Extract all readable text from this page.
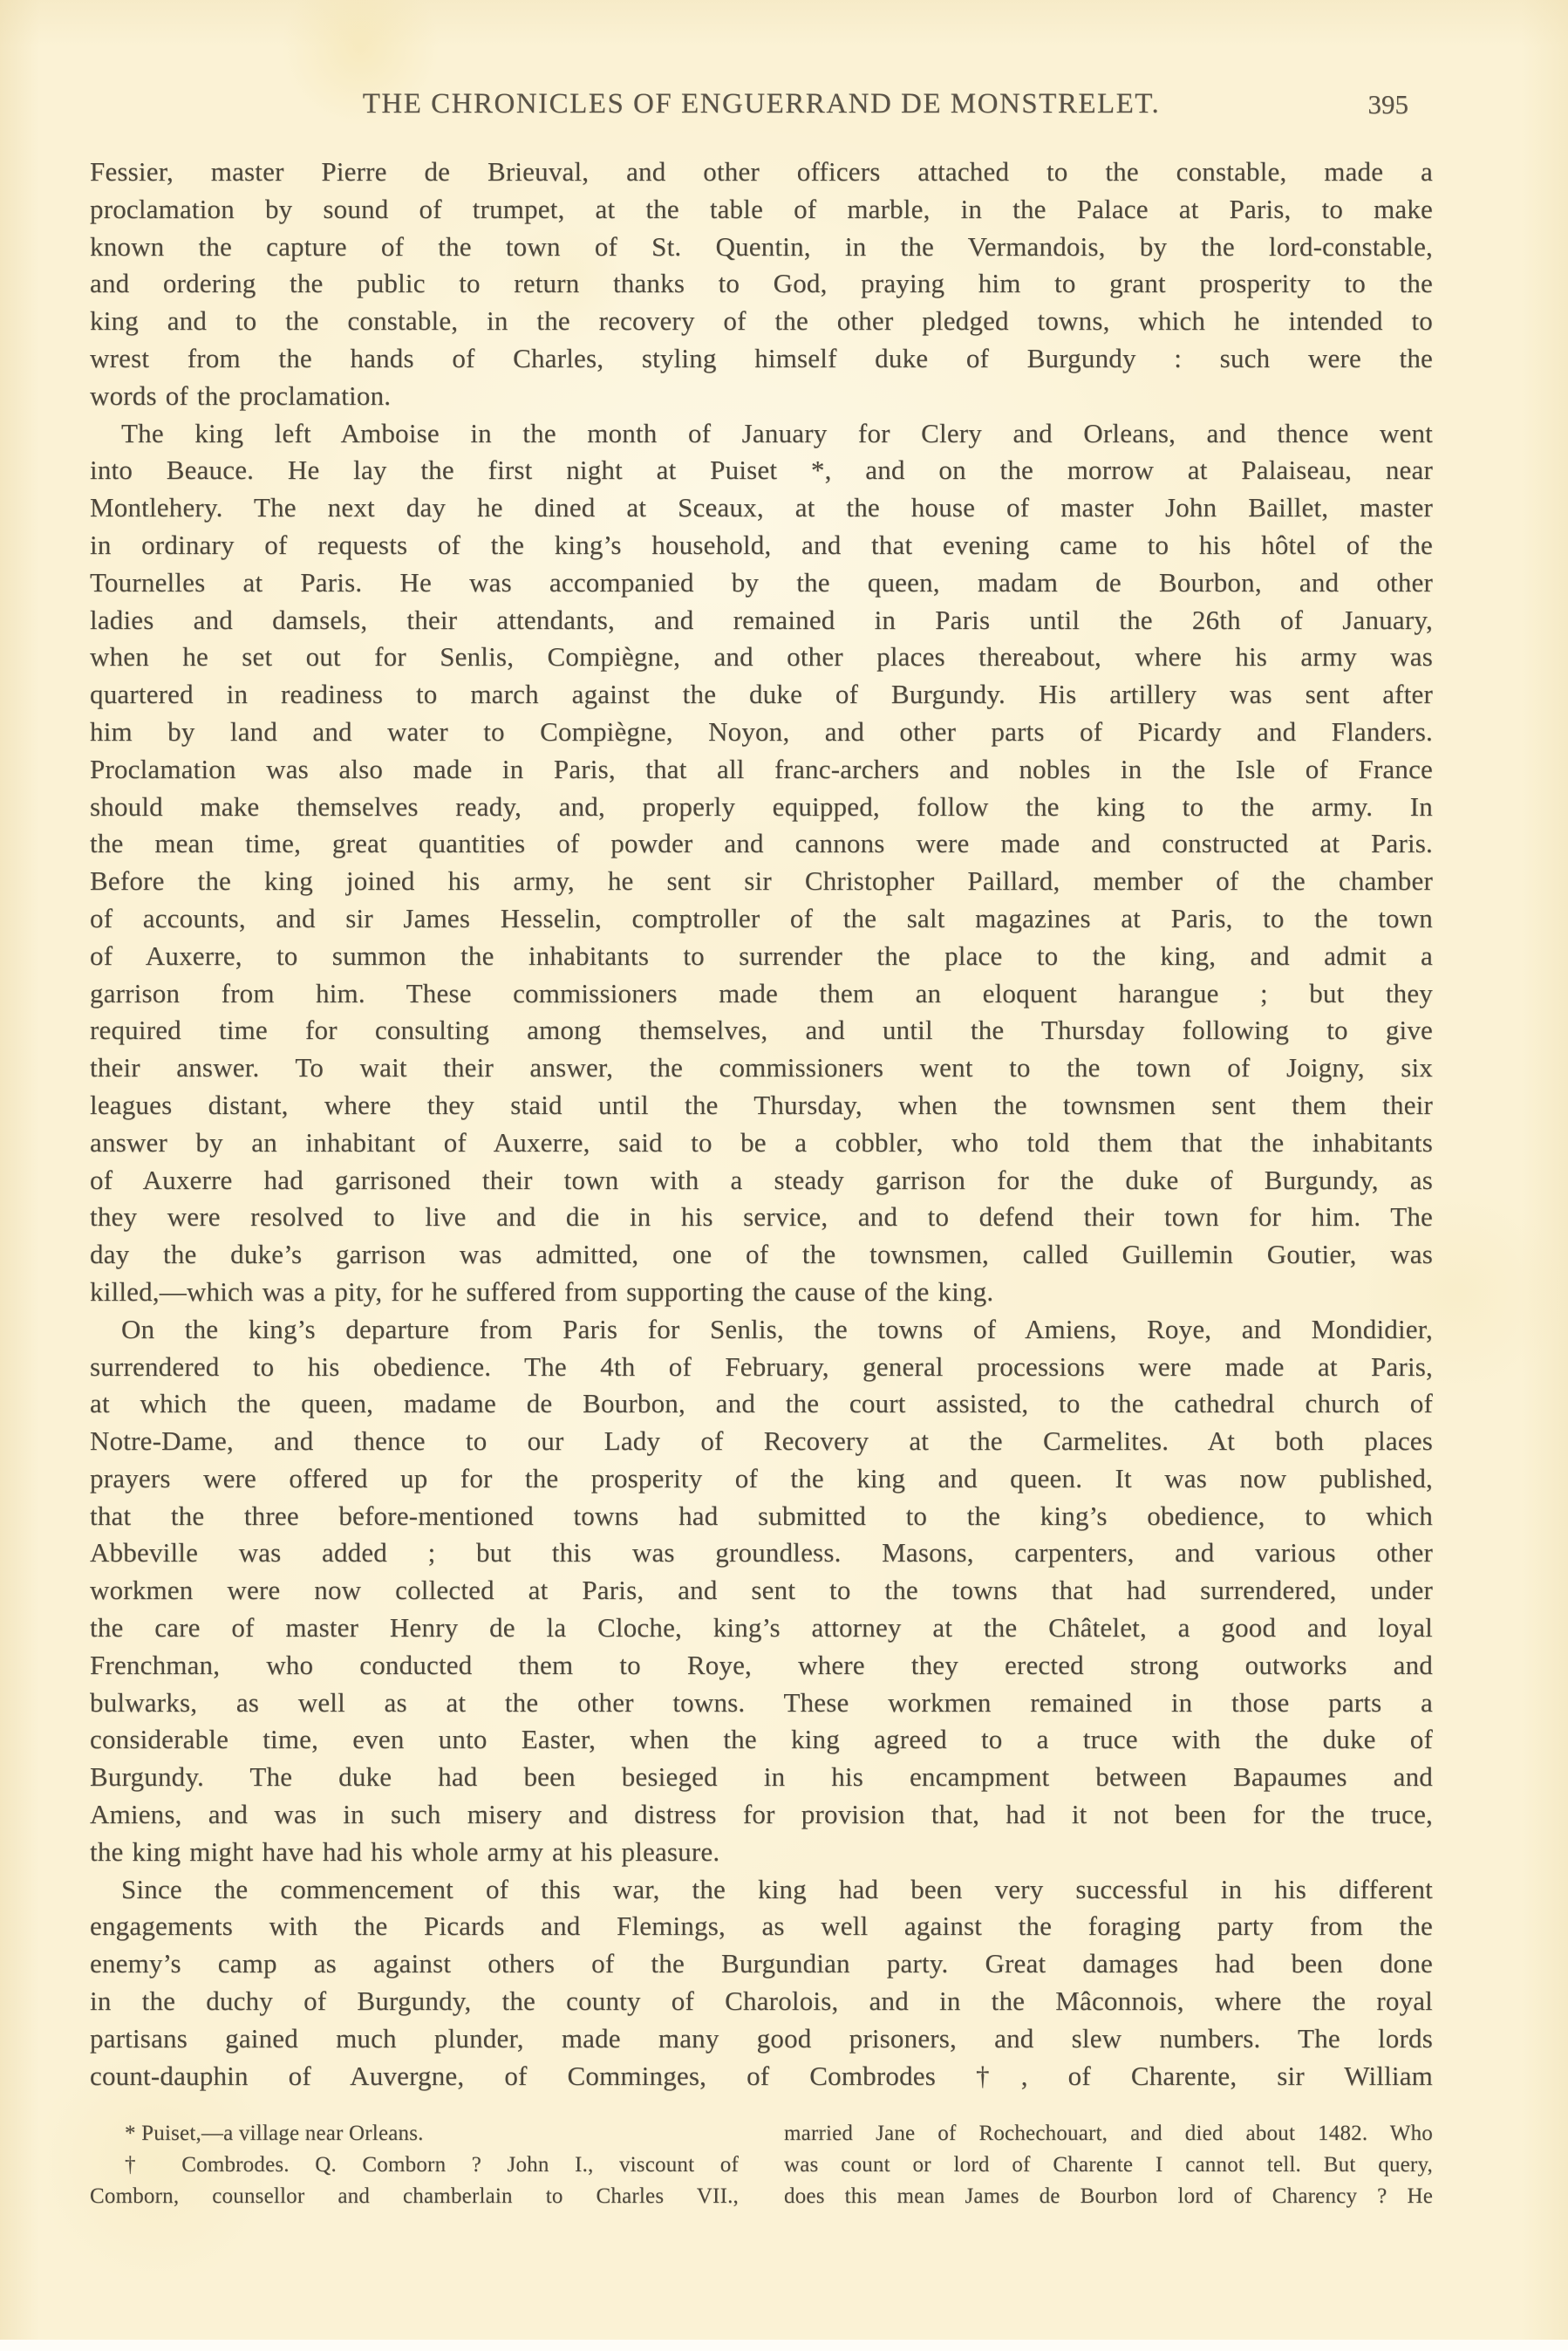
THE CHRONICLES OF ENGUERRAND DE MONSTRELET.	395
Fessier, master Pierre de Brieuval, and other officers attached to the constable, made a
proclamation by sound of trumpet, at the table of marble, in the Palace at Paris, to make
known the capture of the town of St. Quentin, in the Vermandois, by the lord-constable,
and ordering the public to return thanks to God, praying him to grant prosperity to the
king and to the constable, in the recovery of the other pledged towns, which he intended to
wrest from the hands of Charles, styling himself duke of Burgundy : such were the
words of the proclamation.
The king left Amboise in the month of January for Clery and Orleans, and thence went
into Beauce. He lay the first night at Puiset *, and on the morrow at Palaiseau, near
Montlehery. The next day he dined at Sceaux, at the house of master John Baillet, master
in ordinary of requests of the king’s household, and that evening came to his hôtel of the
Tournelles at Paris. He was accompanied by the queen, madam de Bourbon, and other
ladies and damsels, their attendants, and remained in Paris until the 26th of January,
when he set out for Senlis, Compiègne, and other places thereabout, where his army was
quartered in readiness to march against the duke of Burgundy. His artillery was sent after
him by land and water to Compiègne, Noyon, and other parts of Picardy and Flanders.
Proclamation was also made in Paris, that all franc-archers and nobles in the Isle of France
should make themselves ready, and, properly equipped, follow the king to the army. In
the mean time, great quantities of powder and cannons were made and constructed at Paris.
Before the king joined his army, he sent sir Christopher Paillard, member of the chamber
of accounts, and sir James Hesselin, comptroller of the salt magazines at Paris, to the town
of Auxerre, to summon the inhabitants to surrender the place to the king, and admit a
garrison from him. These commissioners made them an eloquent harangue ; but they
required time for consulting among themselves, and until the Thursday following to give
their answer. To wait their answer, the commissioners went to the town of Joigny, six
leagues distant, where they staid until the Thursday, when the townsmen sent them their
answer by an inhabitant of Auxerre, said to be a cobbler, who told them that the inhabitants
of Auxerre had garrisoned their town with a steady garrison for the duke of Burgundy, as
they were resolved to live and die in his service, and to defend their town for him. The
day the duke’s garrison was admitted, one of the townsmen, called Guillemin Goutier, was
killed,—which was a pity, for he suffered from supporting the cause of the king.
On the king’s departure from Paris for Senlis, the towns of Amiens, Roye, and Mondidier,
surrendered to his obedience. The 4th of February, general processions were made at Paris,
at which the queen, madame de Bourbon, and the court assisted, to the cathedral church of
Notre-Dame, and thence to our Lady of Recovery at the Carmelites. At both places
prayers were offered up for the prosperity of the king and queen. It was now published,
that the three before-mentioned towns had submitted to the king’s obedience, to which
Abbeville was added ; but this was groundless. Masons, carpenters, and various other
workmen were now collected at Paris, and sent to the towns that had surrendered, under
the care of master Henry de la Cloche, king’s attorney at the Châtelet, a good and loyal
Frenchman, who conducted them to Roye, where they erected strong outworks and
bulwarks, as well as at the other towns. These workmen remained in those parts a
considerable time, even unto Easter, when the king agreed to a truce with the duke of
Burgundy. The duke had been besieged in his encampment between Bapaumes and
Amiens, and was in such misery and distress for provision that, had it not been for the truce,
the king might have had his whole army at his pleasure.
Since the commencement of this war, the king had been very successful in his different
engagements with the Picards and Flemings, as well against the foraging party from the
enemy’s camp as against others of the Burgundian party. Great damages had been done
in the duchy of Burgundy, the county of Charolois, and in the Mâconnois, where the royal
partisans gained much plunder, made many good prisoners, and slew numbers. The lords
count-dauphin of Auvergne, of Comminges, of Combrodes †, of Charente, sir William
* Puiset,—a village near Orleans.
† Combrodes. Q. Comborn ? John I., viscount of
Comborn, counsellor and chamberlain to Charles VII.,
married Jane of Rochechouart, and died about 1482. Who
was count or lord of Charente I cannot tell. But query,
does this mean James de Bourbon lord of Charency ? He
